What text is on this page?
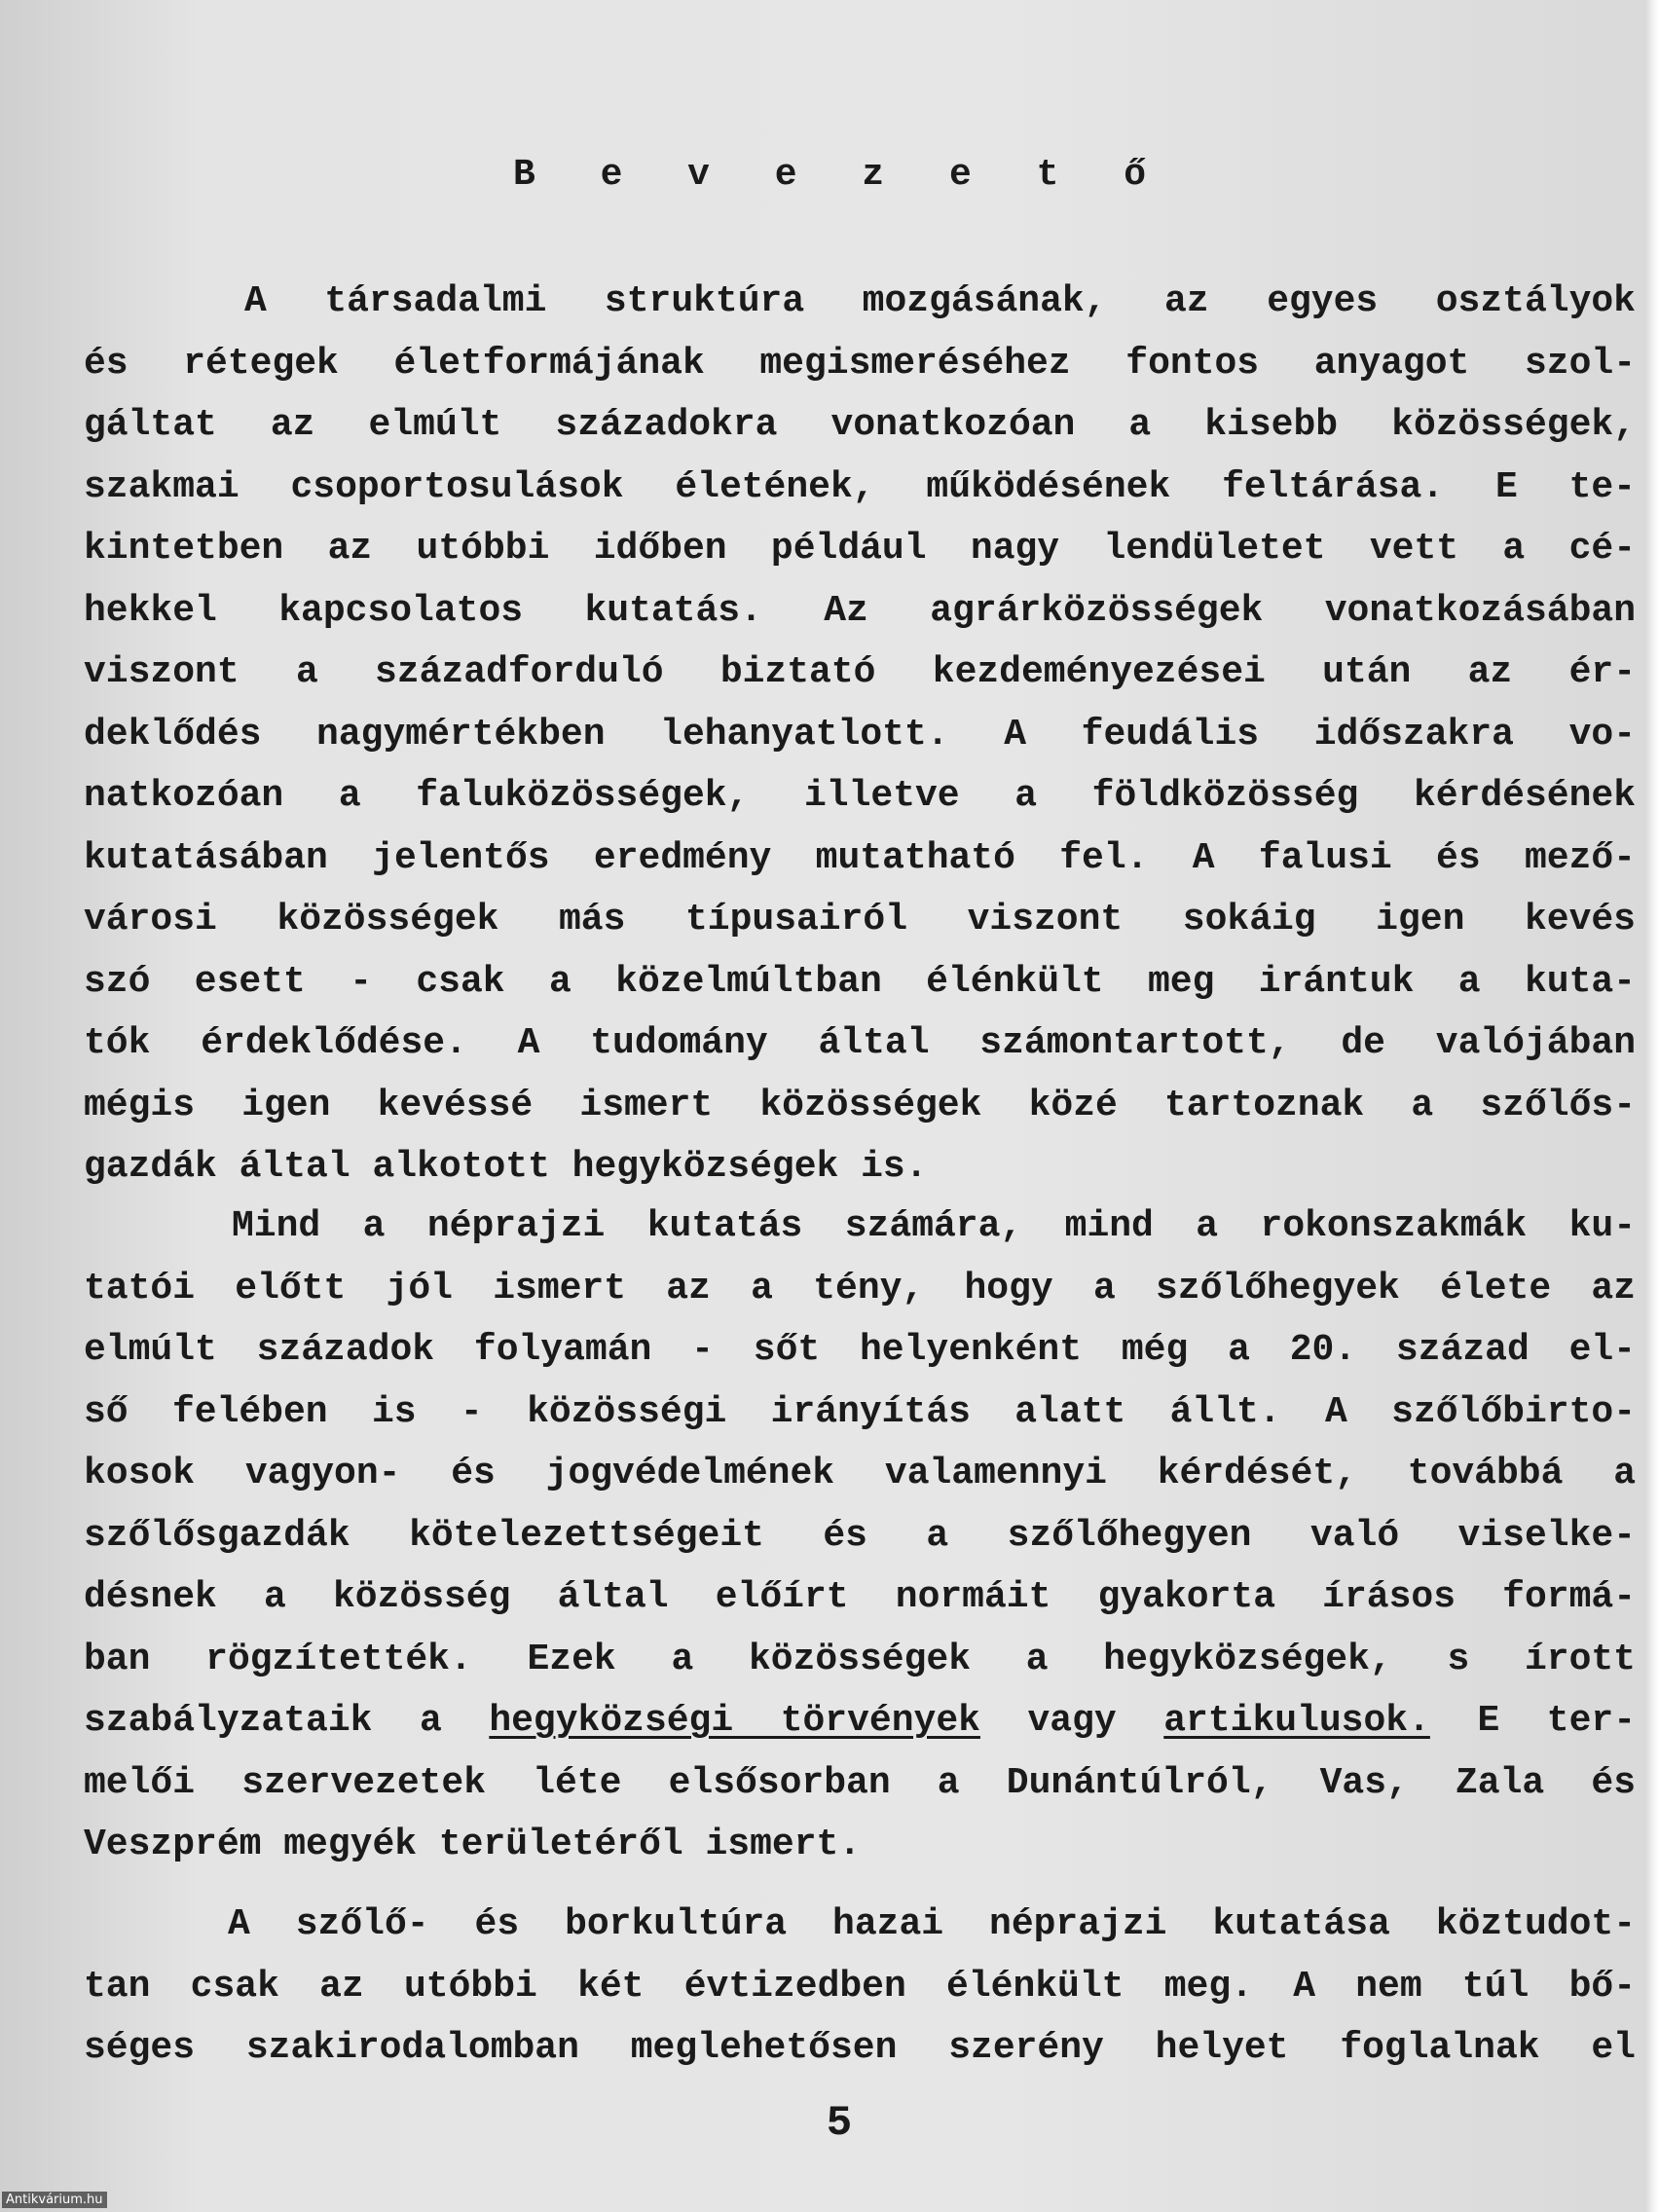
B e v e z e t ő
A társadalmi struktúra mozgásának, az egyes osztályok
és rétegek életformájának megismeréséhez fontos anyagot szol-
gáltat az elmúlt századokra vonatkozóan a kisebb közösségek,
szakmai csoportosulások életének, működésének feltárása. E te-
kintetben az utóbbi időben például nagy lendületet vett a cé-
hekkel kapcsolatos kutatás. Az agrárközösségek vonatkozásában
viszont a századforduló biztató kezdeményezései után az ér-
deklődés nagymértékben lehanyatlott. A feudális időszakra vo-
natkozóan a faluközösségek, illetve a földközösség kérdésének
kutatásában jelentős eredmény mutatható fel. A falusi és mező-
városi közösségek más típusairól viszont sokáig igen kevés
szó esett - csak a közelmúltban élénkült meg irántuk a kuta-
tók érdeklődése. A tudomány által számontartott, de valójában
mégis igen kevéssé ismert közösségek közé tartoznak a szőlős-
gazdák által alkotott hegyközségek is.
Mind a néprajzi kutatás számára, mind a rokonszakmák ku-
tatói előtt jól ismert az a tény, hogy a szőlőhegyek élete az
elmúlt századok folyamán - sőt helyenként még a 20. század el-
ső felében is - közösségi irányítás alatt állt. A szőlőbirto-
kosok vagyon- és jogvédelmének valamennyi kérdését, továbbá a
szőlősgazdák kötelezettségeit és a szőlőhegyen való viselke-
désnek a közösség által előírt normáit gyakorta írásos formá-
ban rögzítették. Ezek a közösségek a hegyközségek, s írott
szabályzataik a hegyközségi törvények vagy artikulusok. E ter-
melői szervezetek léte elsősorban a Dunántúlról, Vas, Zala és
Veszprém megyék területéről ismert.
A szőlő- és borkultúra hazai néprajzi kutatása köztudot-
tan csak az utóbbi két évtizedben élénkült meg. A nem túl bő-
séges szakirodalomban meglehetősen szerény helyet foglalnak el
5
Antikvárium.hu
